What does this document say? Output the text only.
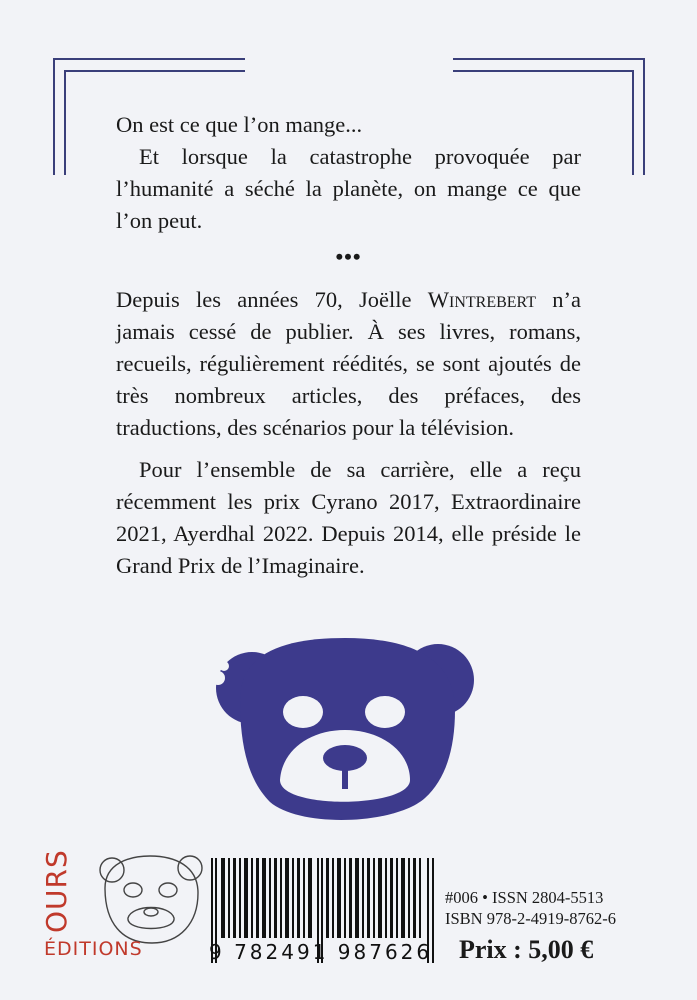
On est ce que l’on mange...

Et lorsque la catastrophe provoquée par l’humanité a séché la planète, on mange ce que l’on peut.

•••

Depuis les années 70, Joëlle Wintrebert n’a jamais cessé de publier. À ses livres, romans, recueils, régulièrement réédités, se sont ajoutés de très nombreux articles, des préfaces, des traductions, des scénarios pour la télévision.

Pour l’ensemble de sa carrière, elle a reçu récemment les prix Cyrano 2017, Extraordinaire 2021, Ayerdhal 2022. Depuis 2014, elle préside le Grand Prix de l’Imaginaire.

OURS
ÉDITIONS	9 782491 987626
#006 • ISSN 2804-5513
ISBN 978-2-4919-8762-6
Prix : 5,00 €
